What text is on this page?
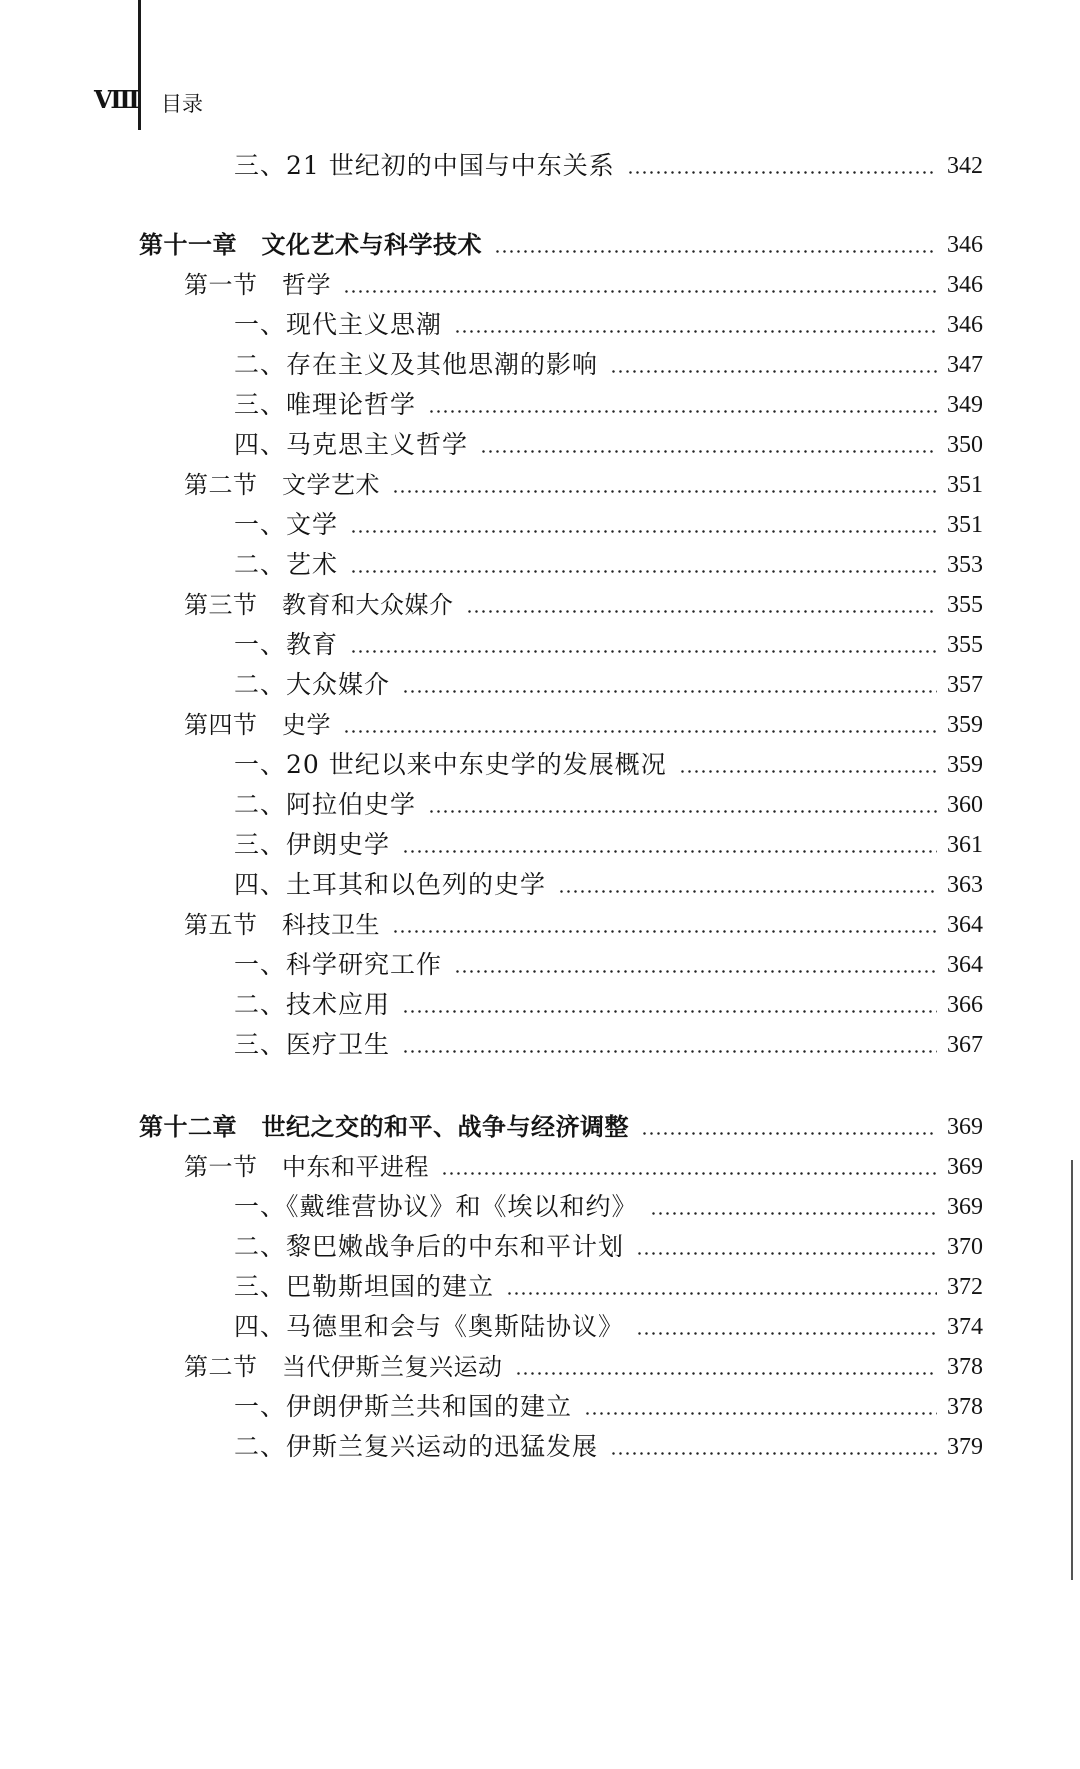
Ⅷ 目录
三、21 世纪初的中国与中东关系	342
第十一章　文化艺术与科学技术	346
第一节　哲学	346
一、现代主义思潮	346
二、存在主义及其他思潮的影响	347
三、唯理论哲学	349
四、马克思主义哲学	350
第二节　文学艺术	351
一、文学	351
二、艺术	353
第三节　教育和大众媒介	355
一、教育	355
二、大众媒介	357
第四节　史学	359
一、20 世纪以来中东史学的发展概况	359
二、阿拉伯史学	360
三、伊朗史学	361
四、土耳其和以色列的史学	363
第五节　科技卫生	364
一、科学研究工作	364
二、技术应用	366
三、医疗卫生	367
第十二章　世纪之交的和平、战争与经济调整	369
第一节　中东和平进程	369
一、《戴维营协议》和《埃以和约》	369
二、黎巴嫩战争后的中东和平计划	370
三、巴勒斯坦国的建立	372
四、马德里和会与《奥斯陆协议》	374
第二节　当代伊斯兰复兴运动	378
一、伊朗伊斯兰共和国的建立	378
二、伊斯兰复兴运动的迅猛发展	379
